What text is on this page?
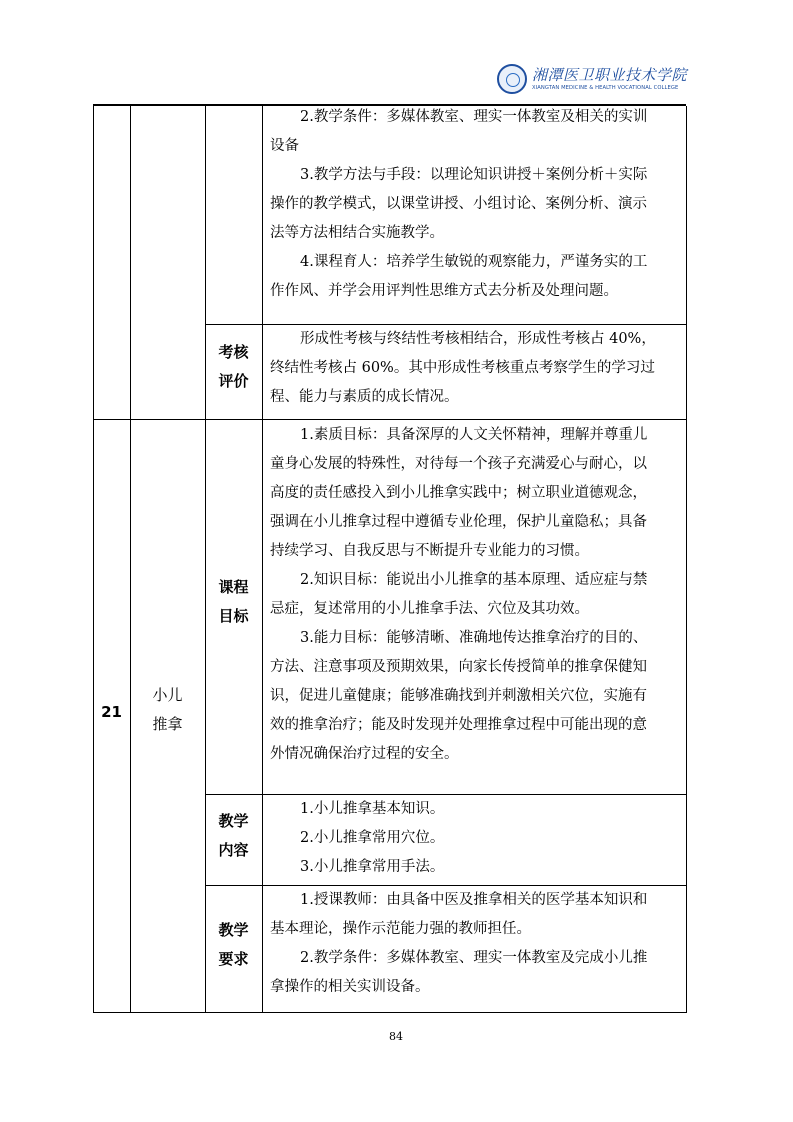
湘潭医卫职业技术学院
XIANGTAN MEDICINE & HEALTH VOCATIONAL COLLEGE
2.教学条件：多媒体教室、理实一体教室及相关的实训
设备
3.教学方法与手段：以理论知识讲授＋案例分析＋实际
操作的教学模式，以课堂讲授、小组讨论、案例分析、演示
法等方法相结合实施教学。
4.课程育人：培养学生敏锐的观察能力，严谨务实的工
作作风、并学会用评判性思维方式去分析及处理问题。
考核
评价
形成性考核与终结性考核相结合，形成性考核占 40%，
终结性考核占 60%。其中形成性考核重点考察学生的学习过
程、能力与素质的成长情况。
21
小儿
推拿
课程
目标
1.素质目标：具备深厚的人文关怀精神，理解并尊重儿
童身心发展的特殊性，对待每一个孩子充满爱心与耐心，以
高度的责任感投入到小儿推拿实践中；树立职业道德观念，
强调在小儿推拿过程中遵循专业伦理，保护儿童隐私；具备
持续学习、自我反思与不断提升专业能力的习惯。
2.知识目标：能说出小儿推拿的基本原理、适应症与禁
忌症，复述常用的小儿推拿手法、穴位及其功效。
3.能力目标：能够清晰、准确地传达推拿治疗的目的、
方法、注意事项及预期效果，向家长传授简单的推拿保健知
识，促进儿童健康；能够准确找到并刺激相关穴位，实施有
效的推拿治疗；能及时发现并处理推拿过程中可能出现的意
外情况确保治疗过程的安全。
教学
内容
1.小儿推拿基本知识。
2.小儿推拿常用穴位。
3.小儿推拿常用手法。
教学
要求
1.授课教师：由具备中医及推拿相关的医学基本知识和
基本理论，操作示范能力强的教师担任。
2.教学条件：多媒体教室、理实一体教室及完成小儿推
拿操作的相关实训设备。
84
